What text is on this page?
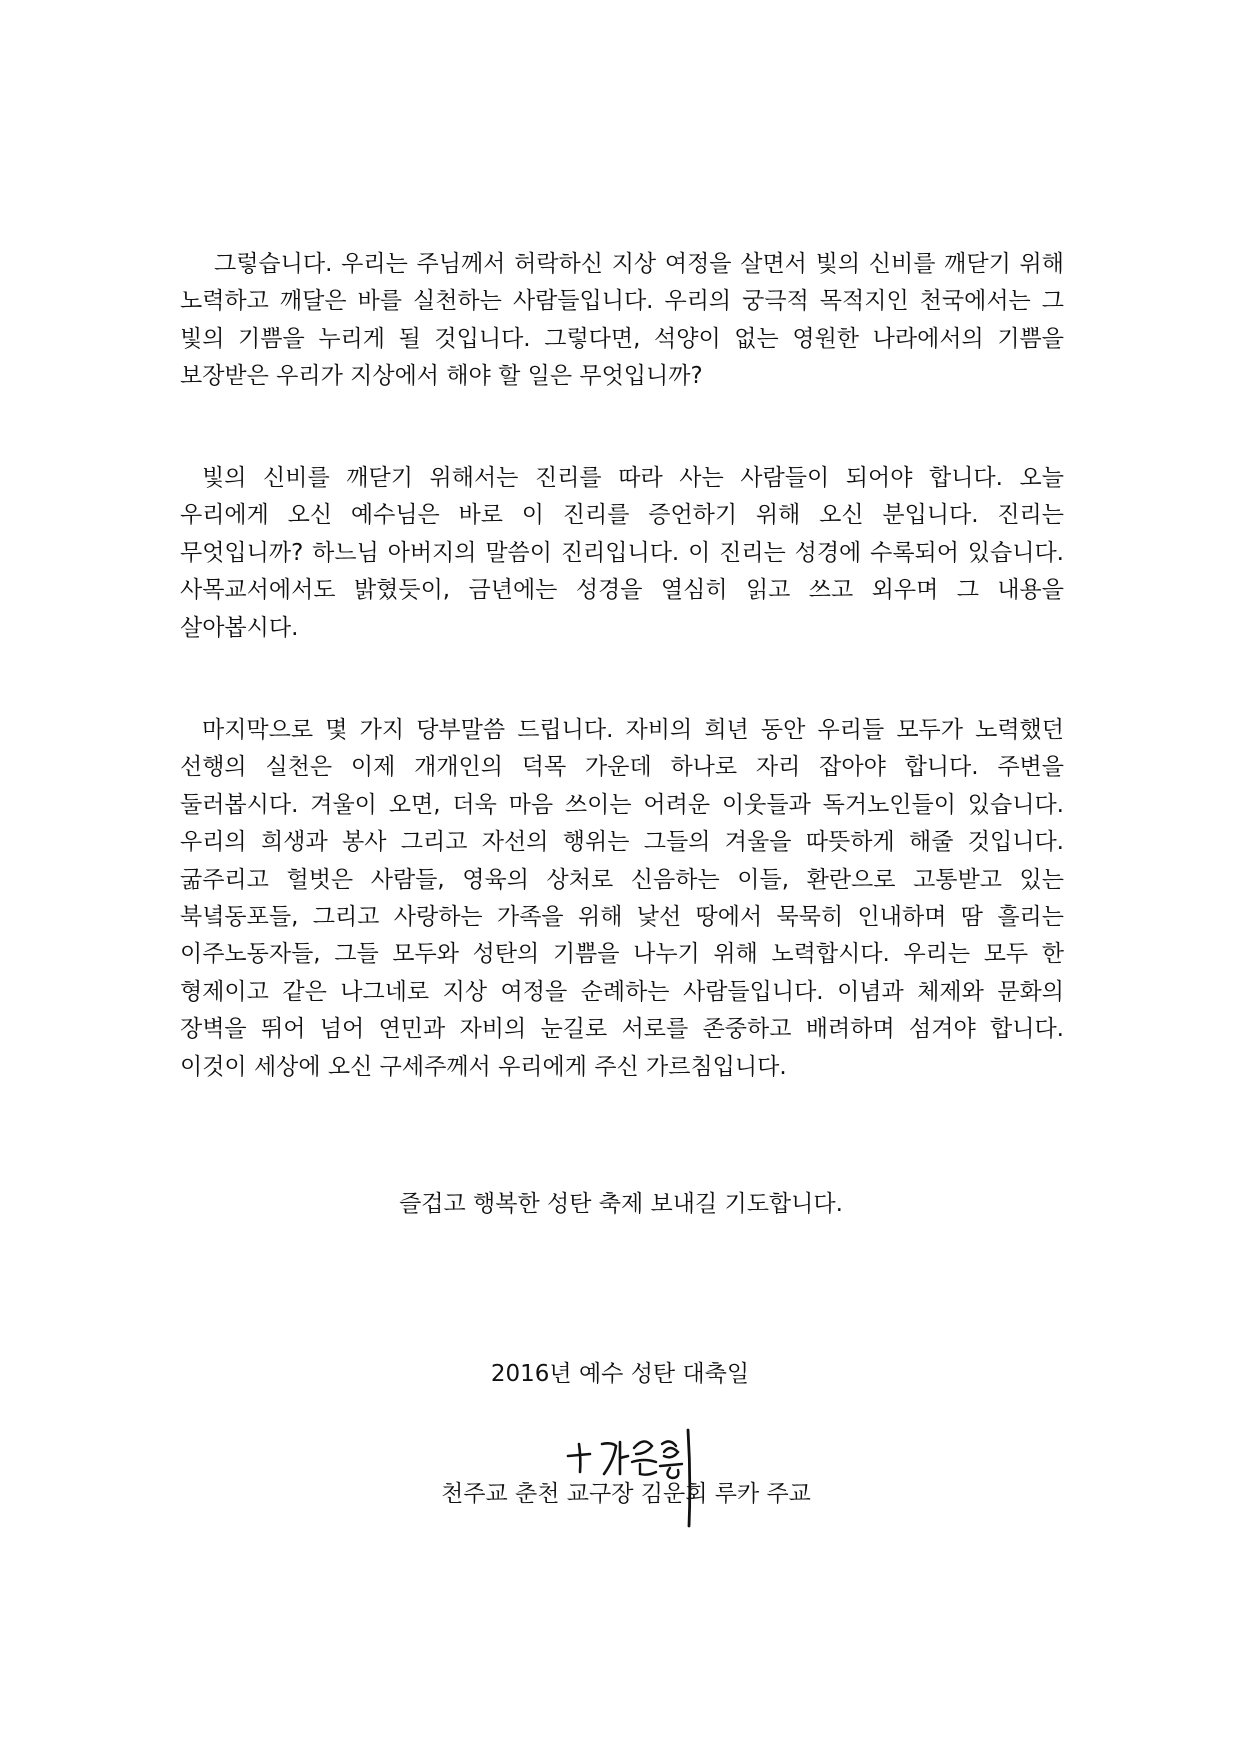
그렇습니다. 우리는 주님께서 허락하신 지상 여정을 살면서 빛의 신비를 깨닫기 위해 노력하고 깨달은 바를 실천하는 사람들입니다. 우리의 궁극적 목적지인 천국에서는 그 빛의 기쁨을 누리게 될 것입니다. 그렇다면, 석양이 없는 영원한 나라에서의 기쁨을 보장받은 우리가 지상에서 해야 할 일은 무엇입니까?

빛의 신비를 깨닫기 위해서는 진리를 따라 사는 사람들이 되어야 합니다. 오늘 우리에게 오신 예수님은 바로 이 진리를 증언하기 위해 오신 분입니다. 진리는 무엇입니까? 하느님 아버지의 말씀이 진리입니다. 이 진리는 성경에 수록되어 있습니다. 사목교서에서도 밝혔듯이, 금년에는 성경을 열심히 읽고 쓰고 외우며 그 내용을 살아봅시다.

마지막으로 몇 가지 당부말씀 드립니다. 자비의 희년 동안 우리들 모두가 노력했던 선행의 실천은 이제 개개인의 덕목 가운데 하나로 자리 잡아야 합니다. 주변을 둘러봅시다. 겨울이 오면, 더욱 마음 쓰이는 어려운 이웃들과 독거노인들이 있습니다. 우리의 희생과 봉사 그리고 자선의 행위는 그들의 겨울을 따뜻하게 해줄 것입니다. 굶주리고 헐벗은 사람들, 영육의 상처로 신음하는 이들, 환란으로 고통받고 있는 북녘동포들, 그리고 사랑하는 가족을 위해 낯선 땅에서 묵묵히 인내하며 땀 흘리는 이주노동자들, 그들 모두와 성탄의 기쁨을 나누기 위해 노력합시다. 우리는 모두 한 형제이고 같은 나그네로 지상 여정을 순례하는 사람들입니다. 이념과 체제와 문화의 장벽을 뛰어 넘어 연민과 자비의 눈길로 서로를 존중하고 배려하며 섬겨야 합니다. 이것이 세상에 오신 구세주께서 우리에게 주신 가르침입니다.

즐겁고 행복한 성탄 축제 보내길 기도합니다.
2016년 예수 성탄 대축일
천주교 춘천 교구장 김운회 루카 주교
